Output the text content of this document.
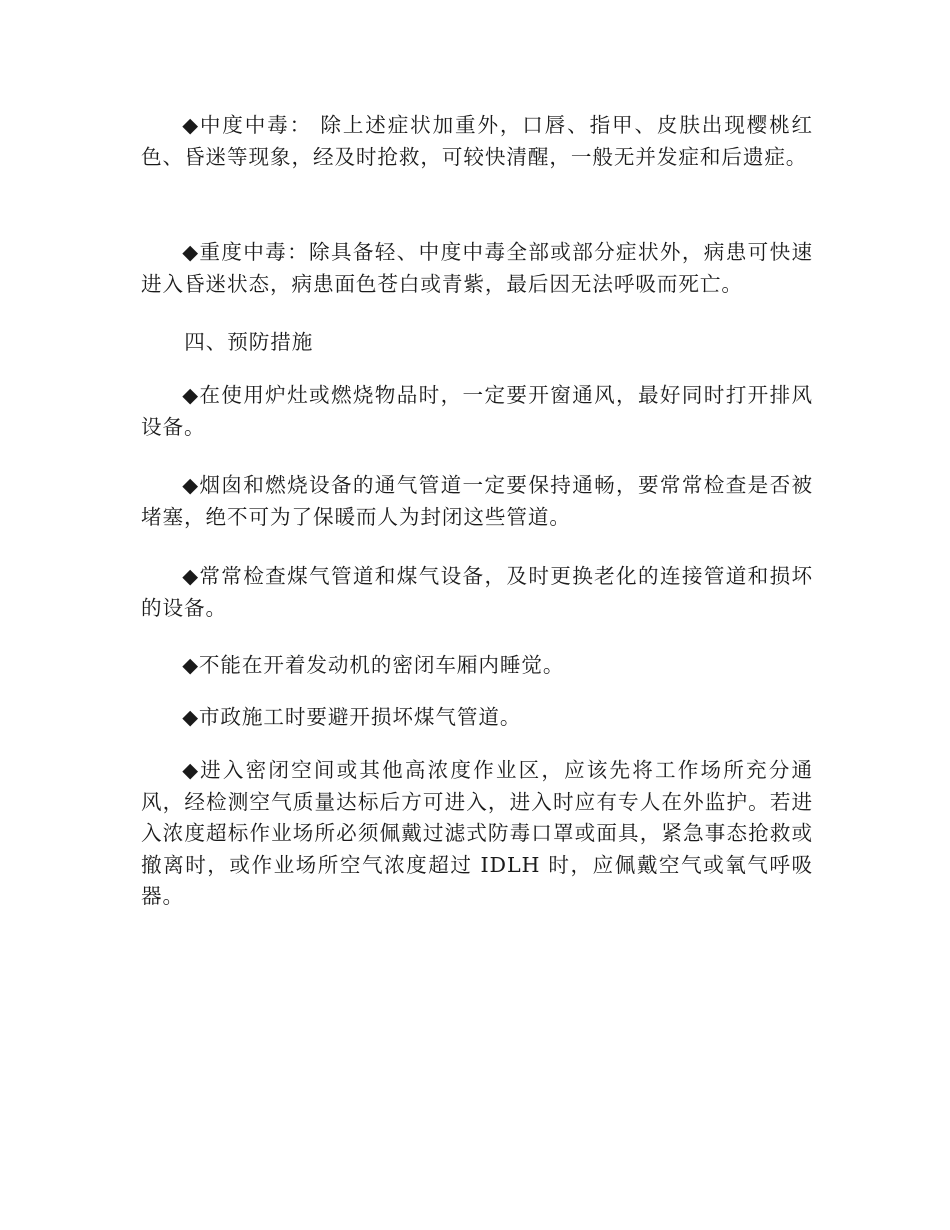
◆中度中毒： 除上述症状加重外，口唇、指甲、皮肤出现樱桃红色、昏迷等现象，经及时抢救，可较快清醒，一般无并发症和后遗症。

◆重度中毒：除具备轻、中度中毒全部或部分症状外，病患可快速进入昏迷状态，病患面色苍白或青紫，最后因无法呼吸而死亡。

四、预防措施

◆在使用炉灶或燃烧物品时，一定要开窗通风，最好同时打开排风设备。

◆烟囱和燃烧设备的通气管道一定要保持通畅，要常常检查是否被堵塞，绝不可为了保暖而人为封闭这些管道。

◆常常检查煤气管道和煤气设备，及时更换老化的连接管道和损坏的设备。

◆不能在开着发动机的密闭车厢内睡觉。

◆市政施工时要避开损坏煤气管道。

◆进入密闭空间或其他高浓度作业区，应该先将工作场所充分通风，经检测空气质量达标后方可进入，进入时应有专人在外监护。若进入浓度超标作业场所必须佩戴过滤式防毒口罩或面具，紧急事态抢救或撤离时，或作业场所空气浓度超过 IDLH 时，应佩戴空气或氧气呼吸器。
